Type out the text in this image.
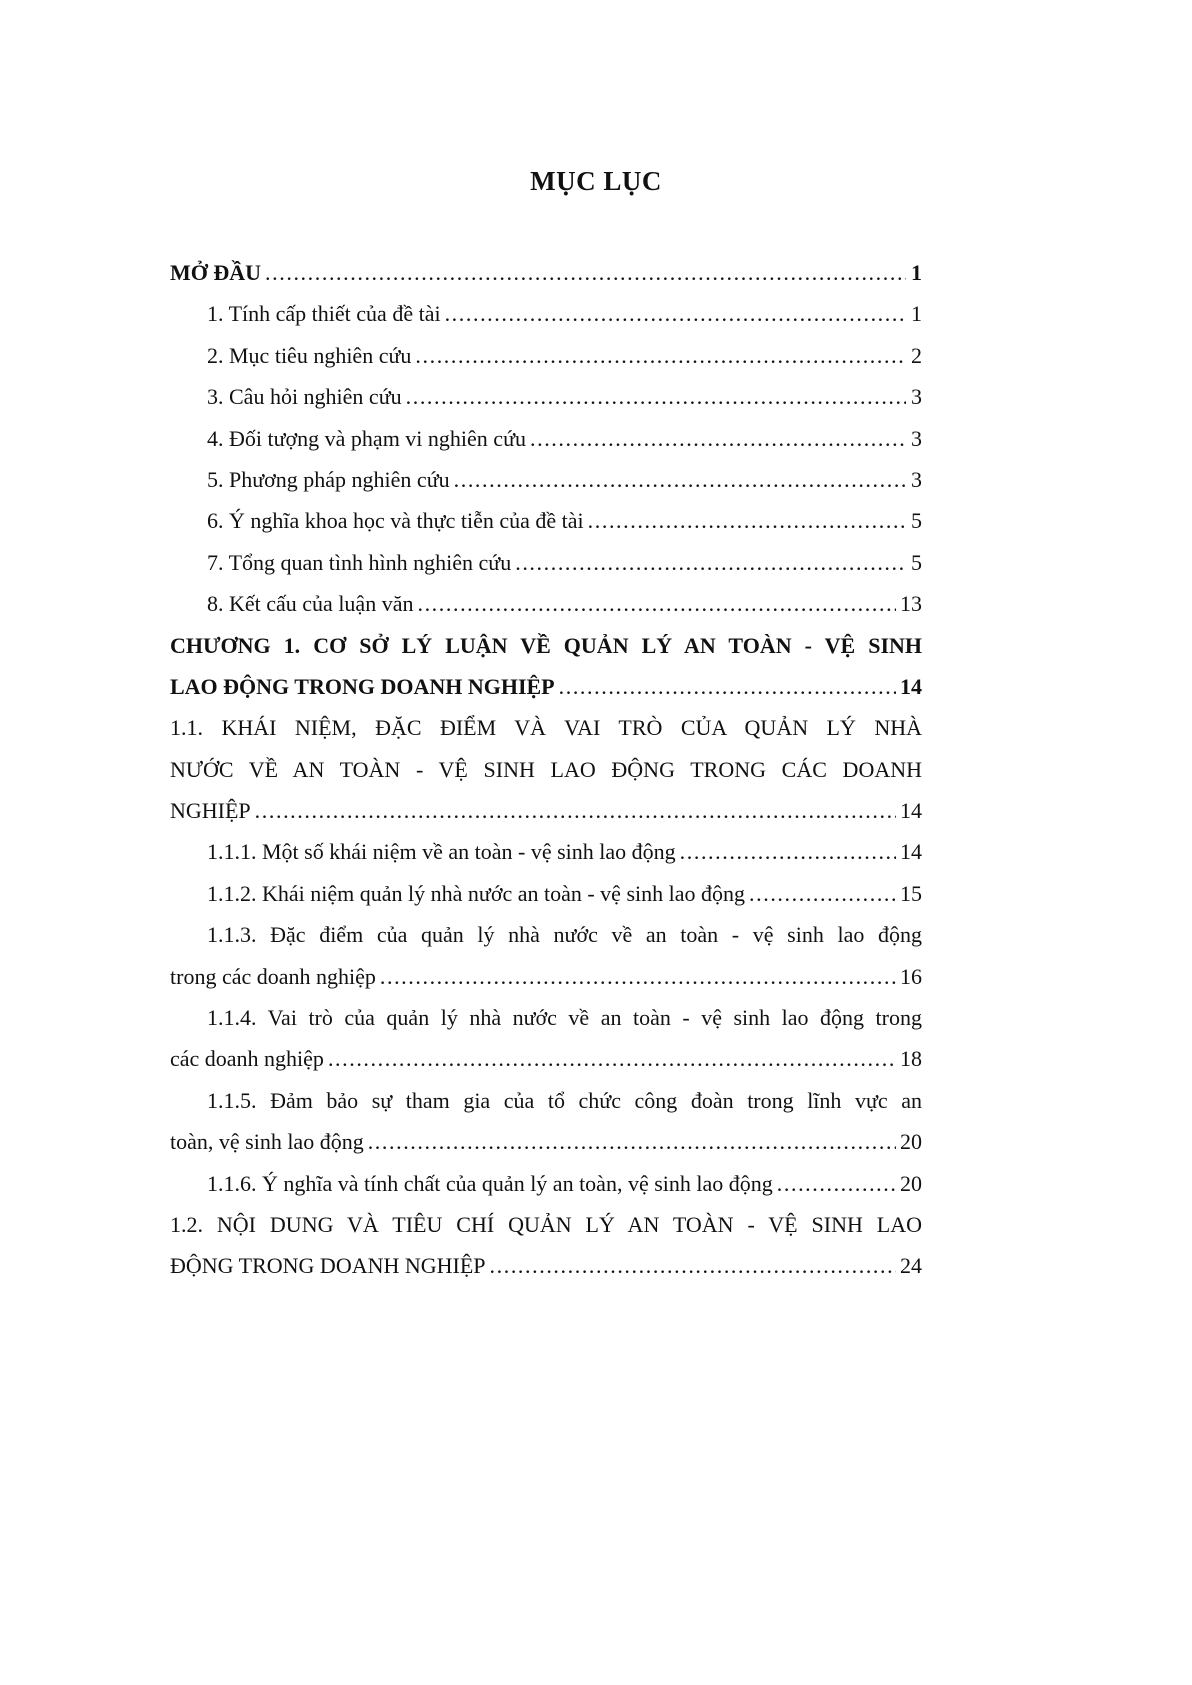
MỤC LỤC
MỞ ĐẦU .....	1
1. Tính cấp thiết của đề tài .....	1
2. Mục tiêu nghiên cứu .....	2
3. Câu hỏi nghiên cứu .....	3
4. Đối tượng và phạm vi nghiên cứu .....	3
5. Phương pháp nghiên cứu .....	3
6. Ý nghĩa khoa học và thực tiễn của đề tài .....	5
7. Tổng quan tình hình nghiên cứu .....	5
8. Kết cấu của luận văn .....	13
CHƯƠNG 1. CƠ SỞ LÝ LUẬN VỀ QUẢN LÝ AN TOÀN - VỆ SINH
LAO ĐỘNG TRONG DOANH NGHIỆP .....	14
1.1. KHÁI NIỆM, ĐẶC ĐIỂM VÀ VAI TRÒ CỦA QUẢN LÝ NHÀ
NƯỚC VỀ AN TOÀN - VỆ SINH LAO ĐỘNG TRONG CÁC DOANH
NGHIỆP .....	14
1.1.1. Một số khái niệm về an toàn - vệ sinh lao động .....	14
1.1.2. Khái niệm quản lý nhà nước an toàn - vệ sinh lao động .....	15
1.1.3. Đặc điểm của quản lý nhà nước về an toàn - vệ sinh lao động
trong các doanh nghiệp .....	16
1.1.4. Vai trò của quản lý nhà nước về an toàn - vệ sinh lao động trong
các doanh nghiệp .....	18
1.1.5. Đảm bảo sự tham gia của tổ chức công đoàn trong lĩnh vực an
toàn, vệ sinh lao động .....	20
1.1.6. Ý nghĩa và tính chất của quản lý an toàn, vệ sinh lao động .....	20
1.2. NỘI DUNG VÀ TIÊU CHÍ QUẢN LÝ AN TOÀN - VỆ SINH LAO
ĐỘNG TRONG DOANH NGHIỆP .....	24
